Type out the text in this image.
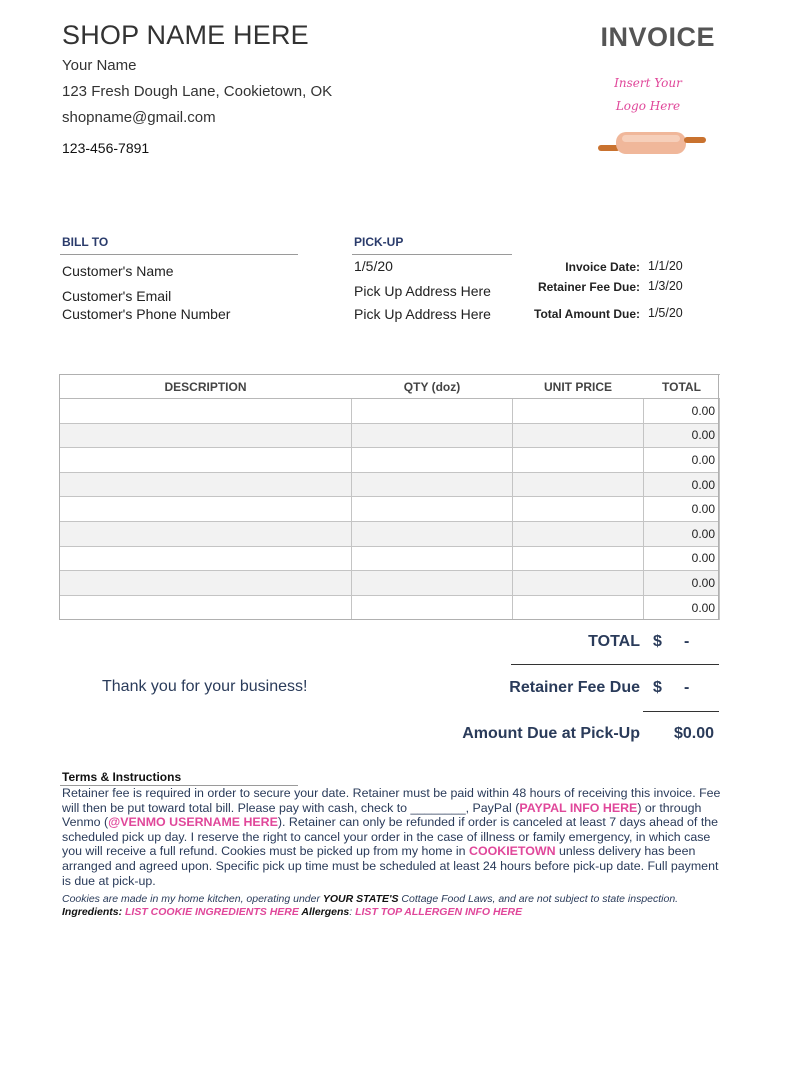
SHOP NAME HERE
Your Name
123 Fresh Dough Lane, Cookietown, OK
shopname@gmail.com
123-456-7891
INVOICE
Insert Your
Logo Here
BILL TO
Customer's Name
Customer's Email
Customer's Phone Number
PICK-UP
1/5/20
Pick Up Address Here
Pick Up Address Here
Invoice Date: 1/1/20
Retainer Fee Due: 1/3/20
Total Amount Due: 1/5/20
DESCRIPTION	QTY (doz)	UNIT PRICE	TOTAL
			0.00
			0.00
			0.00
			0.00
			0.00
			0.00
			0.00
			0.00
			0.00
TOTAL $ -
Thank you for your business!	Retainer Fee Due $ -
Amount Due at Pick-Up $0.00
Terms & Instructions
Retainer fee is required in order to secure your date. Retainer must be paid within 48 hours of receiving this invoice. Fee will then be put toward total bill. Please pay with cash, check to ________, PayPal (PAYPAL INFO HERE) or through Venmo (@VENMO USERNAME HERE). Retainer can only be refunded if order is canceled at least 7 days ahead of the scheduled pick up day. I reserve the right to cancel your order in the case of illness or family emergency, in which case you will receive a full refund. Cookies must be picked up from my home in COOKIETOWN unless delivery has been arranged and agreed upon. Specific pick up time must be scheduled at least 24 hours before pick-up date. Full payment is due at pick-up.
Cookies are made in my home kitchen, operating under YOUR STATE'S Cottage Food Laws, and are not subject to state inspection.
Ingredients: LIST COOKIE INGREDIENTS HERE Allergens: LIST TOP ALLERGEN INFO HERE
